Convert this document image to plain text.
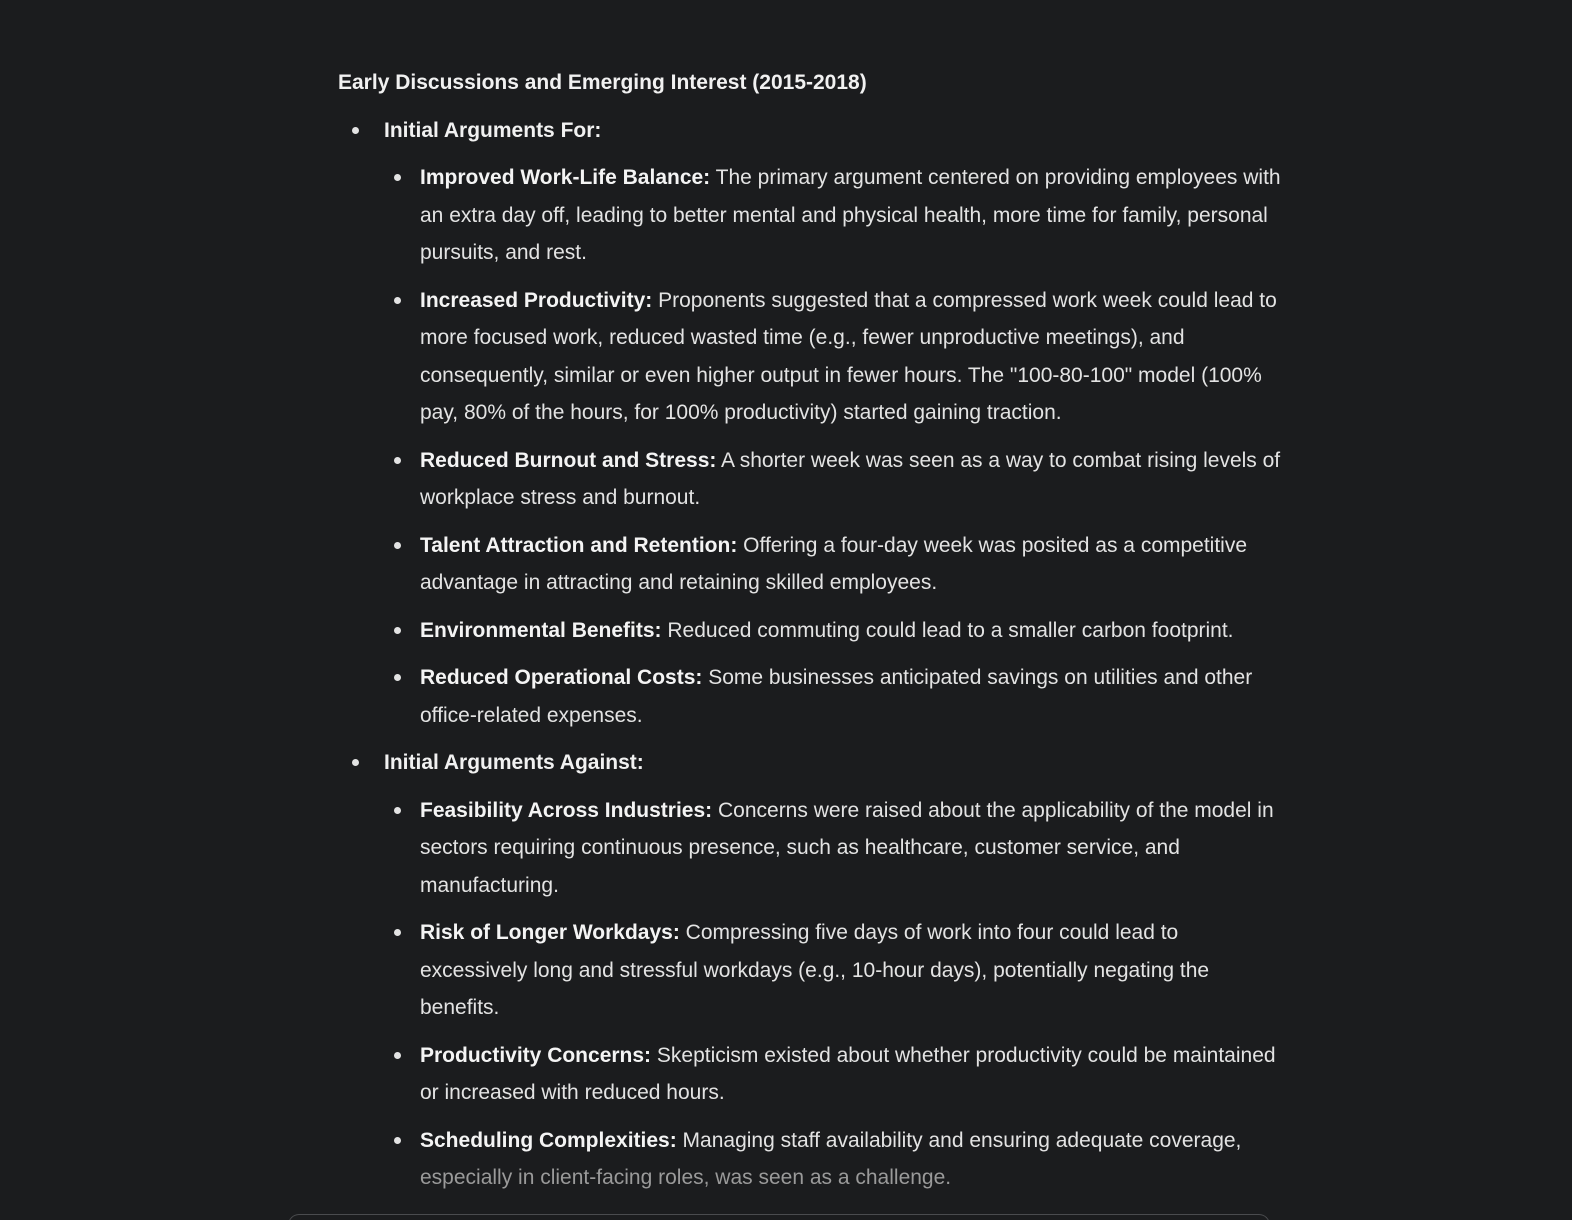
Early Discussions and Emerging Interest (2015-2018)
Initial Arguments For:
Improved Work-Life Balance: The primary argument centered on providing employees with an extra day off, leading to better mental and physical health, more time for family, personal pursuits, and rest.
Increased Productivity: Proponents suggested that a compressed work week could lead to more focused work, reduced wasted time (e.g., fewer unproductive meetings), and consequently, similar or even higher output in fewer hours. The "100-80-100" model (100% pay, 80% of the hours, for 100% productivity) started gaining traction.
Reduced Burnout and Stress: A shorter week was seen as a way to combat rising levels of workplace stress and burnout.
Talent Attraction and Retention: Offering a four-day week was posited as a competitive advantage in attracting and retaining skilled employees.
Environmental Benefits: Reduced commuting could lead to a smaller carbon footprint.
Reduced Operational Costs: Some businesses anticipated savings on utilities and other office-related expenses.
Initial Arguments Against:
Feasibility Across Industries: Concerns were raised about the applicability of the model in sectors requiring continuous presence, such as healthcare, customer service, and manufacturing.
Risk of Longer Workdays: Compressing five days of work into four could lead to excessively long and stressful workdays (e.g., 10-hour days), potentially negating the benefits.
Productivity Concerns: Skepticism existed about whether productivity could be maintained or increased with reduced hours.
Scheduling Complexities: Managing staff availability and ensuring adequate coverage, especially in client-facing roles, was seen as a challenge.
